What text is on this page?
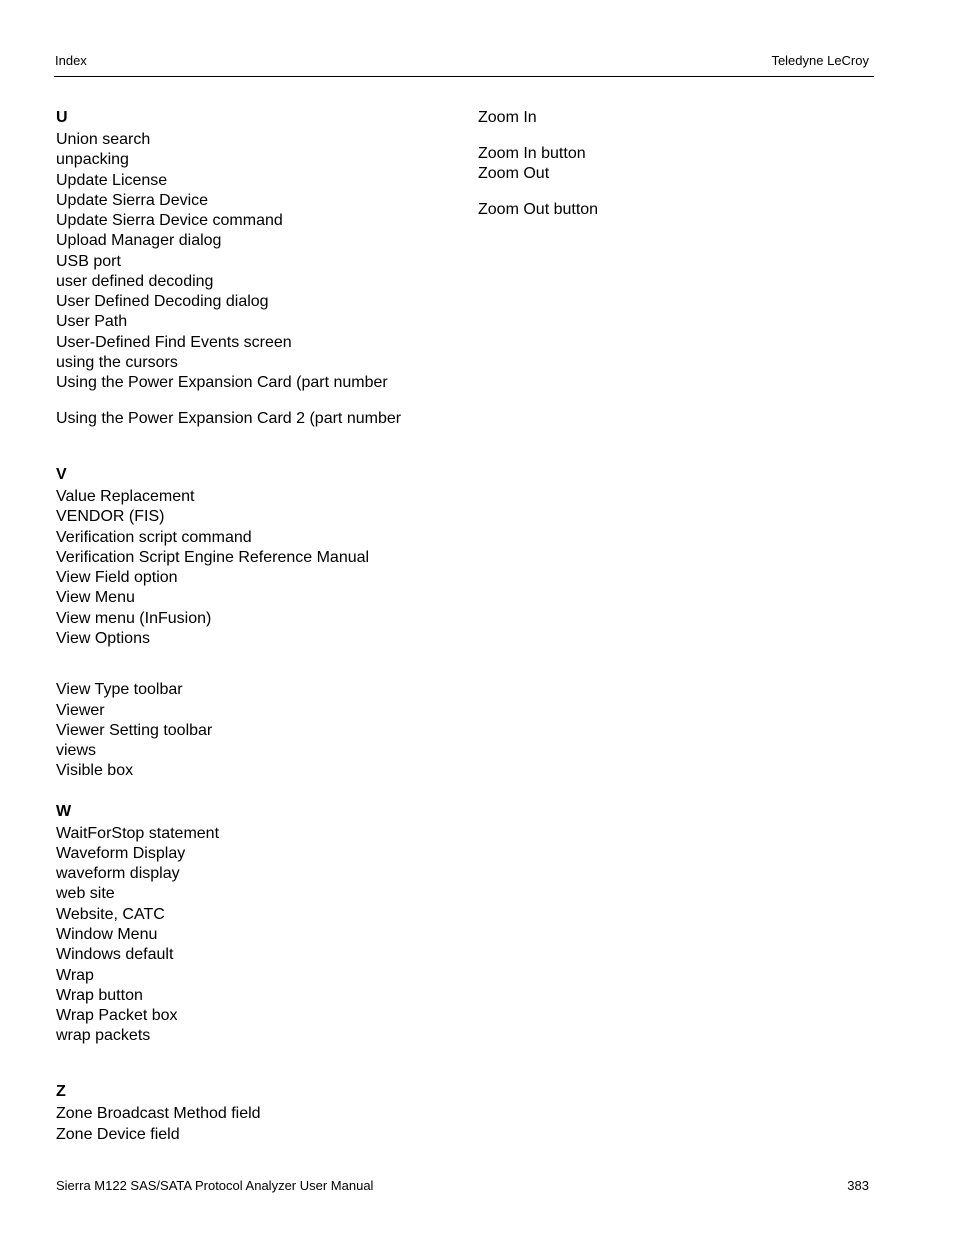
Index	Teledyne LeCroy
U
Union search
unpacking
Update License
Update Sierra Device
Update Sierra Device command
Upload Manager dialog
USB port
user defined decoding
User Defined Decoding dialog
User Path
User-Defined Find Events screen
using the cursors
Using the Power Expansion Card (part number
Using the Power Expansion Card 2 (part number
V
Value Replacement
VENDOR (FIS)
Verification script command
Verification Script Engine Reference Manual
View Field option
View Menu
View menu (InFusion)
View Options
View Type toolbar
Viewer
Viewer Setting toolbar
views
Visible box
W
WaitForStop statement
Waveform Display
waveform display
web site
Website, CATC
Window Menu
Windows default
Wrap
Wrap button
Wrap Packet box
wrap packets
Z
Zone Broadcast Method field
Zone Device field
Zoom In
Zoom In button
Zoom Out
Zoom Out button
Sierra M122 SAS/SATA Protocol Analyzer User Manual	383
